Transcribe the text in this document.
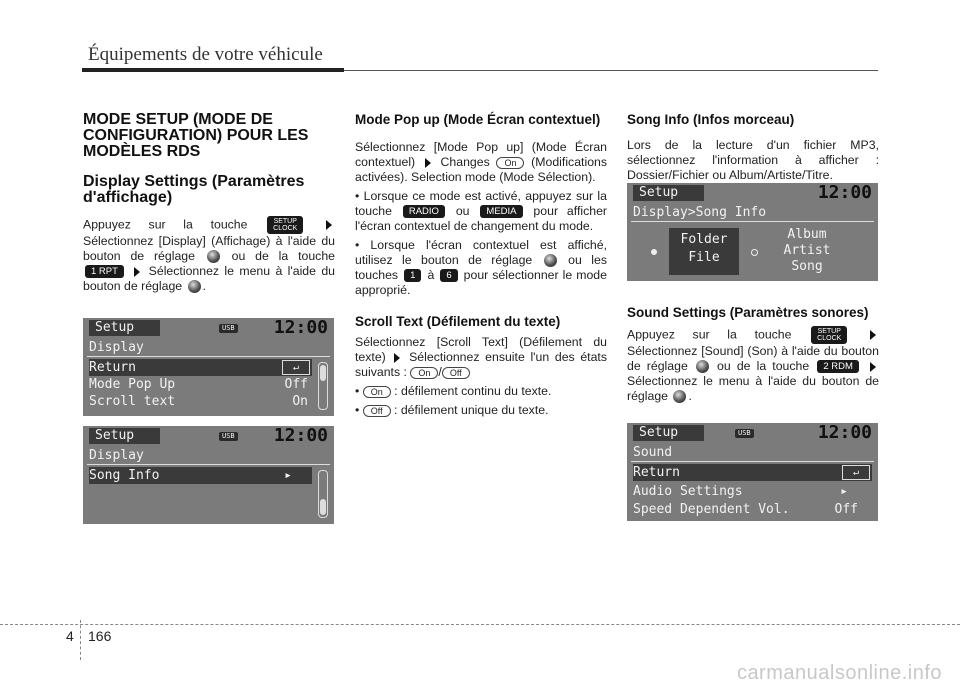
Équipements de votre véhicule
MODE SETUP (MODE DE CONFIGURATION) POUR LES MODÈLES RDS
Display Settings (Paramètres d'affichage)

Appuyez sur la touche	SETUP
CLOCK  Sélectionnez [Display] (Affichage) à l'aide du bouton de réglage	ou de la touche 1 RPT Sélectionnez le menu à l'aide du bouton de réglage .

Setup	USB 12:00
Display
Return	↵
Mode Pop Up	Off
Scroll text	On
Setup	USB 12:00
Display
Song Info	▸
Mode Pop up (Mode Écran contextuel)

Sélectionnez [Mode Pop up] (Mode Écran contextuel) Changes On (Modifications activées). Selection mode (Mode Sélection).

• Lorsque ce mode est activé, appuyez sur la touche RADIO ou MEDIA pour afficher l'écran contextuel de changement du mode.

• Lorsque l'écran contextuel est affiché, utilisez le bouton de réglage	ou les touches 1 à 6 pour sélectionner le mode approprié.

Scroll Text (Défilement du texte)

Sélectionnez [Scroll Text] (Défilement du texte) Sélectionnez ensuite l'un des états suivants : On / Off

• On : défilement continu du texte.

• Off : défilement unique du texte.

Song Info (Infos morceau)

Lors de la lecture d'un fichier MP3, sélectionnez l'information à afficher : Dossier/Fichier ou Album/Artiste/Titre.

Setup	12:00
Display>Song Info
Folder
File
Album
Artist
Song
Sound Settings (Paramètres sonores)

Appuyez sur la touche	SETUP
CLOCK  Sélectionnez [Sound] (Son) à l'aide du bouton de réglage ou de la touche 2 RDM  Sélectionnez le menu à l'aide du bouton de réglage .

Setup	USB	12:00
Sound
Return	↵
Audio Settings	▸
Speed Dependent Vol.	Off
4 166
carmanualsonline.info
